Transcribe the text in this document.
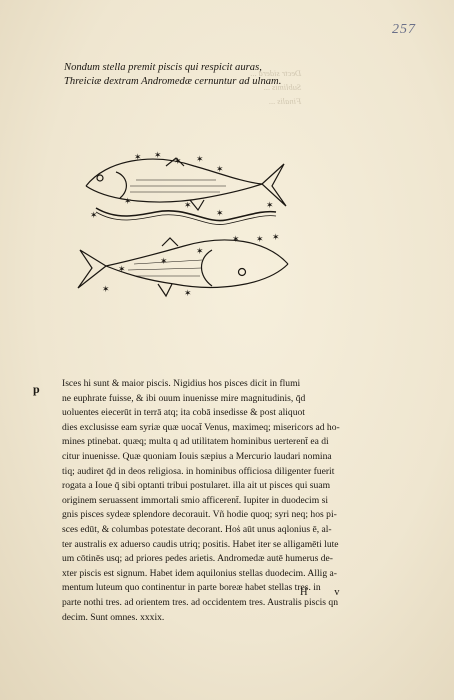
257
Dectr sidera ...
Sublimis ...
Finalis ...
Nondum stella premit piscis qui respicit auras,
Threiciæ dextram Andromedæ cernuntur ad ulnam.
✶ ✶
✶ ✶
✶
✶	✶
✶
✶
✶
✶
✶	✶
✶
✶
✶
✶
✶
p Isces hi sunt & maior piscis. Nigidius hos pisces dicit in flumi
ne euphrate fuisse, & ibi ouum inuenisse mire magnitudinis, q̄d
uoluentes eiecerūt in terrā atq; ita cobā insedisse & post aliquot
dies exclusisse eam syriæ quæ uocat̄ Venus, maximeq; misericors ad ho-
mines ptinebat. quæq; multa q ad utilitatem hominibus uerterent̄ ea di
citur inuenisse. Quæ quoniam Iouis sæpius a Mercurio laudari nomina
tiq; audiret q̄d in deos religiosa. in hominibus officiosa diligenter fuerit
rogata a Ioue q̄ sibi optanti tribui postularet. illa ait ut pisces qui suam
originem seruassent immortali smio afficerent̄. Iupiter in duodecim si
gnis pisces sydeæ splendore decorauit. Vñ hodie quoq; syri neq; hos pi-
sces edūt, & columbas potestate decorant. Hoṡ aūt unus aqlonius ē, al-
ter australis ex aduerso caudis utriq; positis. Habet iter se alligamēti lute
um cōtinēs usq; ad priores pedes arietis. Andromedæ autē humerus de-
xter piscis est signum. Habet idem aquilonius stellas duodecim. Allig a-
mentum luteum quo continentur in parte boreæ habet stellas tres. in
parte nothi tres. ad orientem tres. ad occidentem tres. Australis piscis qn
decim. Sunt omnes. xxxix.
H v
